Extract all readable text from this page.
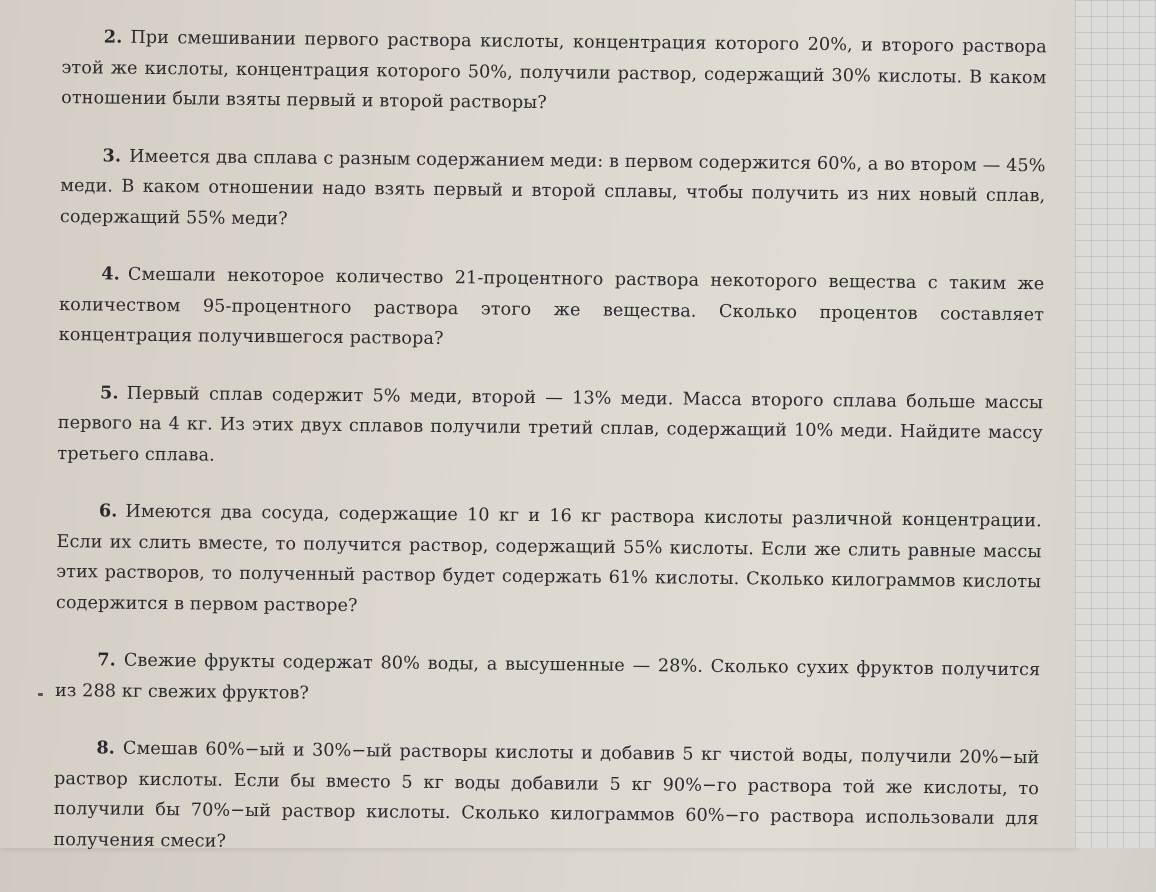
2. При смешивании первого раствора кислоты, концентрация которого 20%, и второго раствора этой же кислоты, концентрация которого 50%, получили раствор, содержащий 30% кислоты. В каком отношении были взяты первый и второй растворы?

3. Имеется два сплава с разным содержанием меди: в первом содержится 60%, а во втором — 45% меди. В каком отношении надо взять первый и второй сплавы, чтобы получить из них новый сплав, содержащий 55% меди?

4. Смешали некоторое количество 21-процентного раствора некоторого вещества с таким же количеством 95-процентного раствора этого же вещества. Сколько процентов составляет концентрация получившегося раствора?

5. Первый сплав содержит 5% меди, второй — 13% меди. Масса второго сплава больше массы первого на 4 кг. Из этих двух сплавов получили третий сплав, содержащий 10% меди. Найдите массу третьего сплава.

6. Имеются два сосуда, содержащие 10 кг и 16 кг раствора кислоты различной концентрации. Если их слить вместе, то получится раствор, содержащий 55% кислоты. Если же слить равные массы этих растворов, то полученный раствор будет содержать 61% кислоты. Сколько килограммов кислоты содержится в первом растворе?

7. Свежие фрукты содержат 80% воды, а высушенные — 28%. Сколько сухих фруктов получится из 288 кг свежих фруктов?

8. Смешав 60%−ый и 30%−ый растворы кислоты и добавив 5 кг чистой воды, получили 20%−ый раствор кислоты. Если бы вместо 5 кг воды добавили 5 кг 90%−го раствора той же кислоты, то получили бы 70%−ый раствор кислоты. Сколько килограммов 60%−го раствора использовали для получения смеси?
